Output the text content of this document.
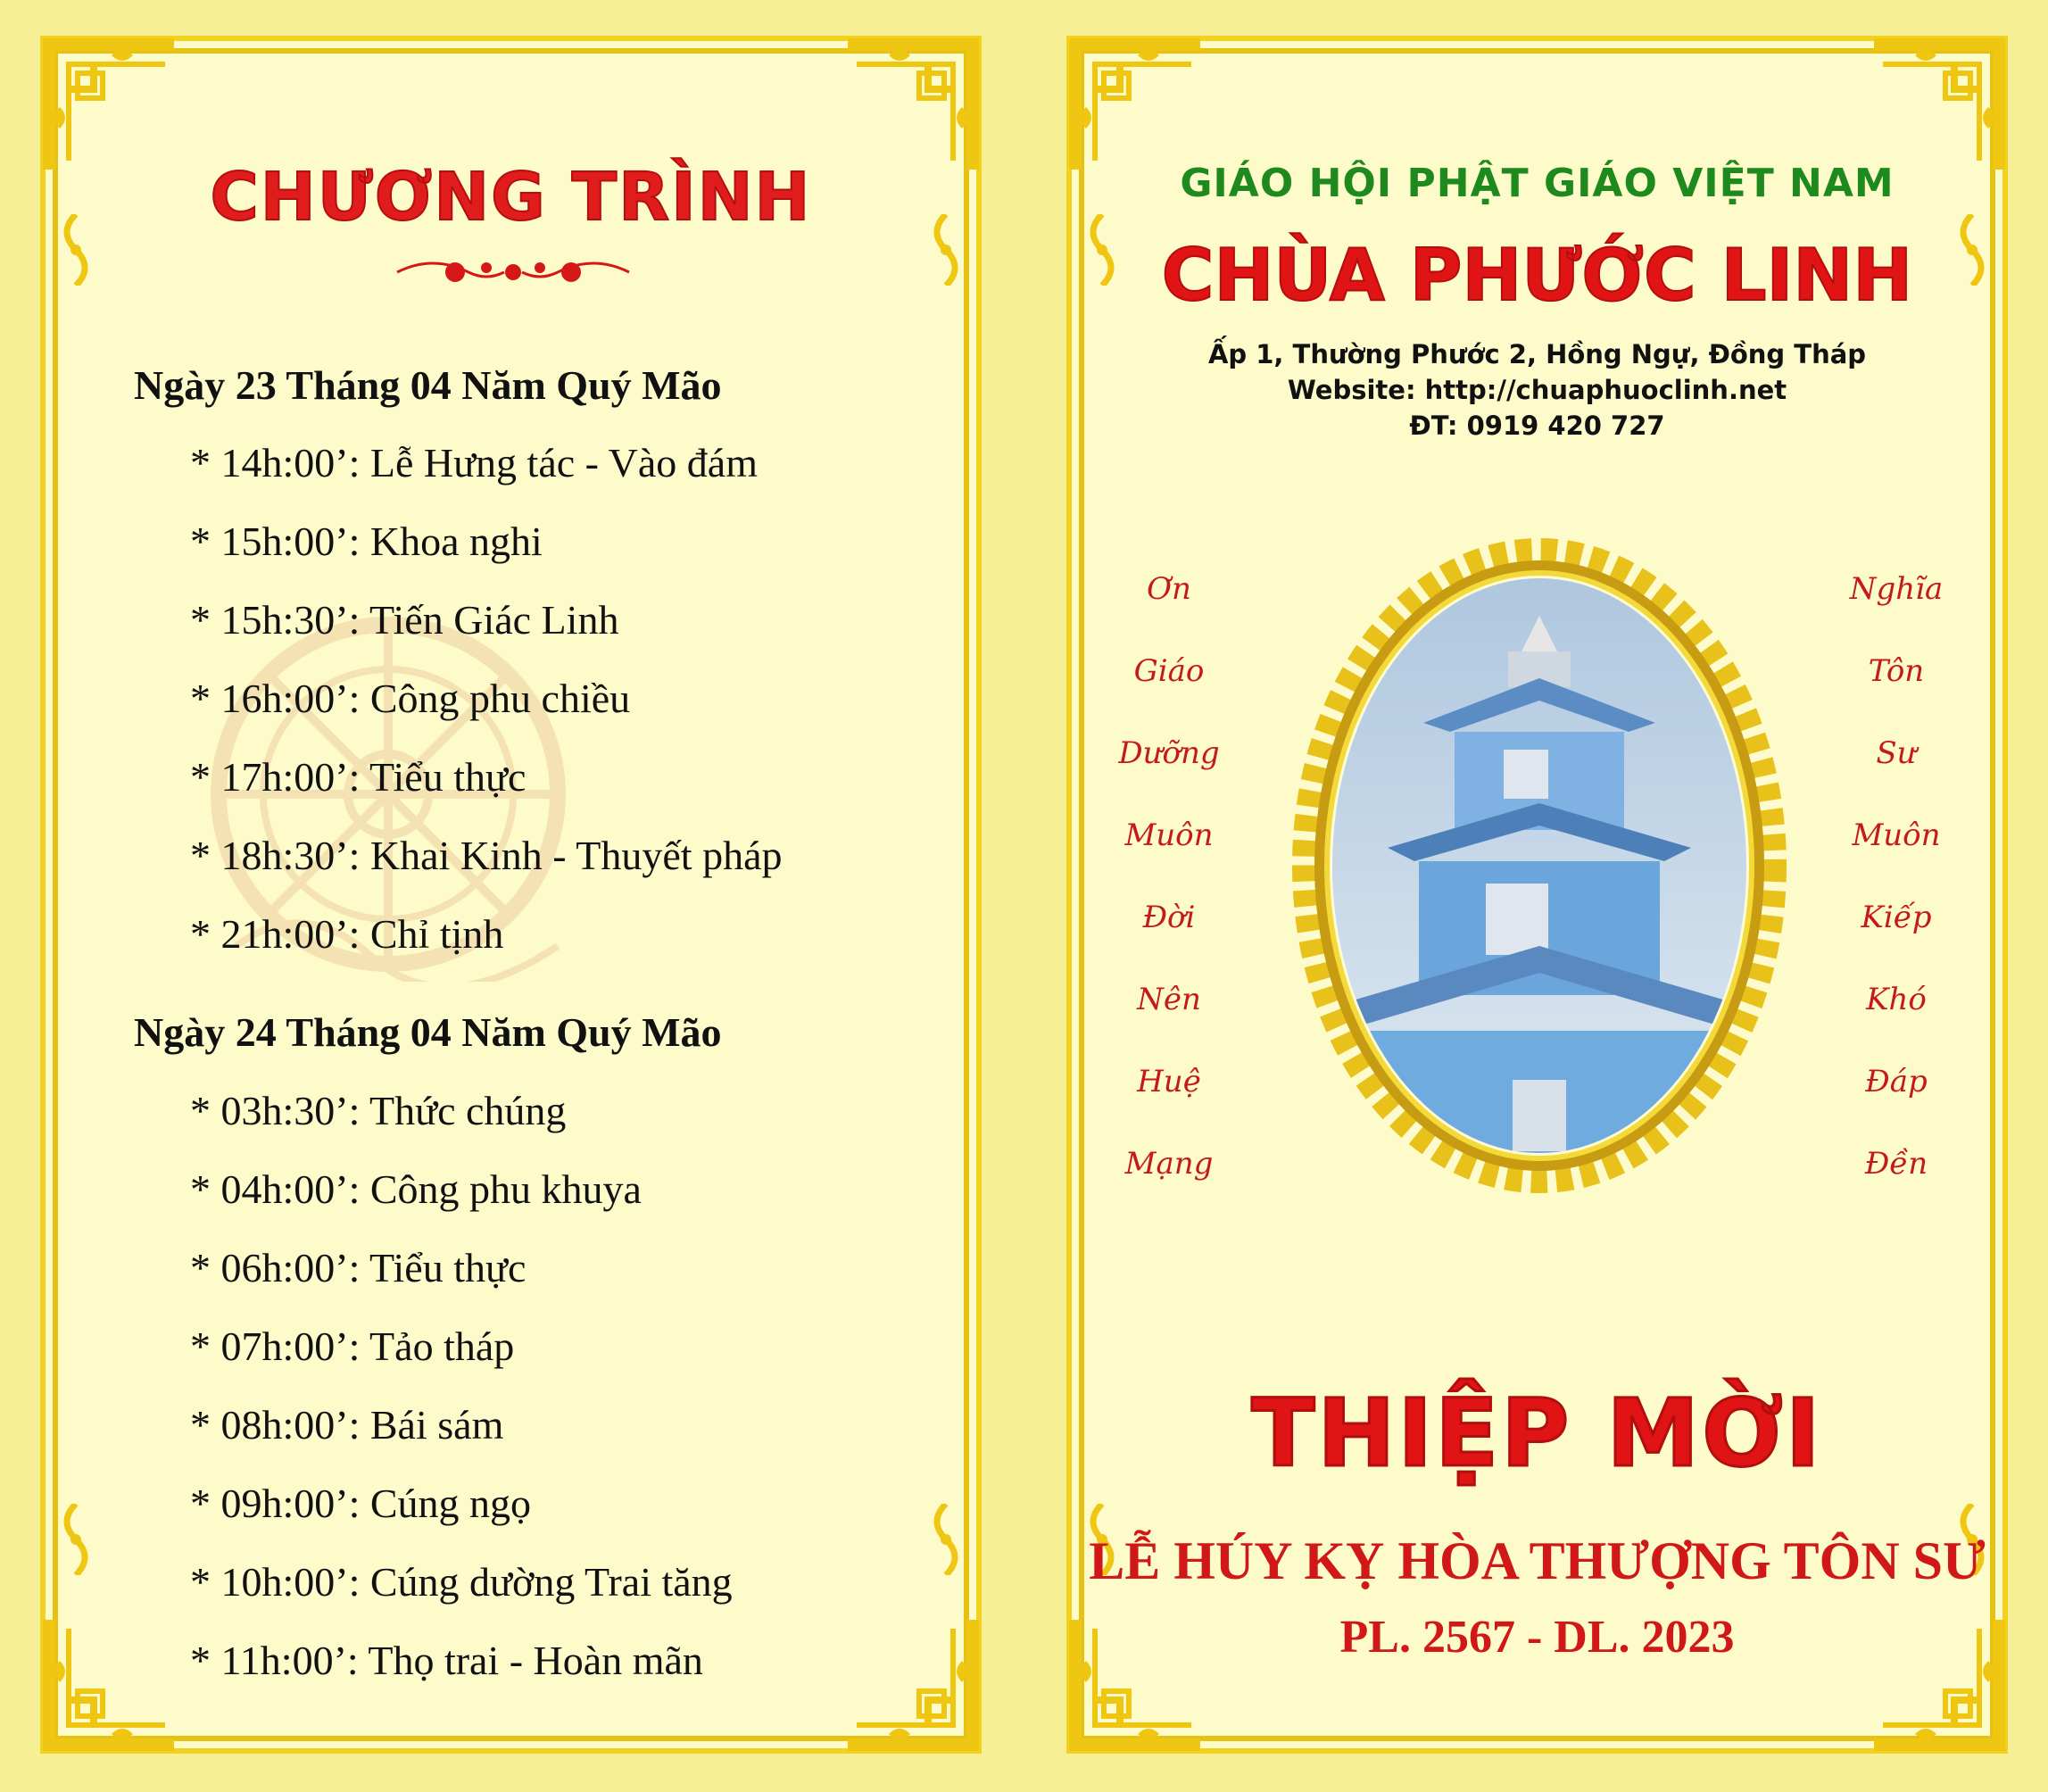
CHƯƠNG TRÌNH
Ngày 23 Tháng 04 Năm Quý Mão
* 14h:00’: Lễ Hưng tác - Vào đám
* 15h:00’: Khoa nghi
* 15h:30’: Tiến Giác Linh
* 16h:00’: Công phu chiều
* 17h:00’: Tiểu thực
* 18h:30’: Khai Kinh - Thuyết pháp
* 21h:00’: Chỉ tịnh
Ngày 24 Tháng 04 Năm Quý Mão
* 03h:30’: Thức chúng
* 04h:00’: Công phu khuya
* 06h:00’: Tiểu thực
* 07h:00’: Tảo tháp
* 08h:00’: Bái sám
* 09h:00’: Cúng ngọ
* 10h:00’: Cúng dường Trai tăng
* 11h:00’: Thọ trai - Hoàn mãn
GIÁO HỘI PHẬT GIÁO VIỆT NAM
CHÙA PHƯỚC LINH
Ấp 1, Thường Phước 2, Hồng Ngự, Đồng Tháp
Website: http://chuaphuoclinh.net
ĐT: 0919 420 727
Ơn
Giáo
Dưỡng
Muôn
Đời
Nên
Huệ
Mạng
Nghĩa
Tôn
Sư
Muôn
Kiếp
Khó
Đáp
Đền
THIỆP MỜI
LỄ HÚY KỴ HÒA THƯỢNG TÔN SƯ
PL. 2567 - DL. 2023
